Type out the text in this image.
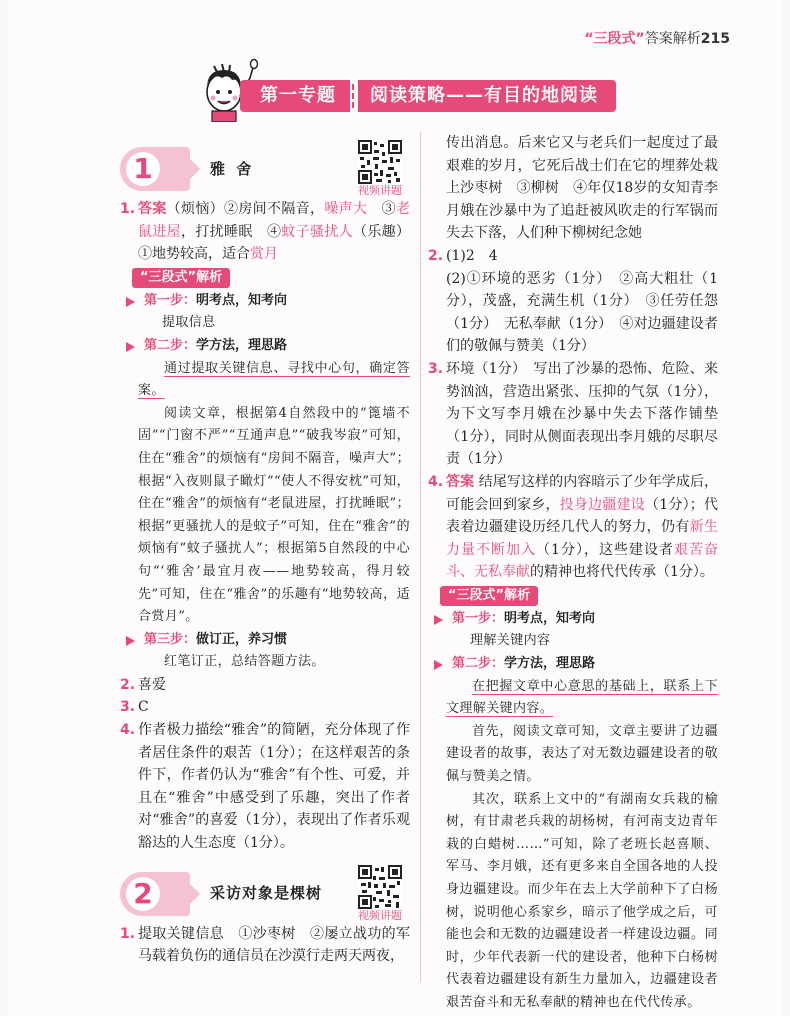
“三段式”答案解析215
第一专题	阅读策略——有目的地阅读
1	雅 舍
视频讲题
1. 答案（烦恼）②房间不隔音，噪声大　③老鼠进屋，打扰睡眠　④蚊子骚扰人（乐趣）①地势较高，适合赏月
“三段式”解析
第一步：明考点，知考向
提取信息
第二步：学方法，理思路
通过提取关键信息、寻找中心句，确定答案。
阅读文章，根据第4自然段中的“篦墙不固”“门窗不严”“互通声息”“破我岑寂”可知，住在“雅舍”的烦恼有“房间不隔音，噪声大”；根据“入夜则鼠子瞰灯”“使人不得安枕”可知，住在“雅舍”的烦恼有“老鼠进屋，打扰睡眠”；根据“更骚扰人的是蚊子”可知，住在“雅舍”的烦恼有“蚊子骚扰人”；根据第5自然段的中心句“‘雅舍’最宜月夜——地势较高，得月较先”可知，住在“雅舍”的乐趣有“地势较高，适合赏月”。
第三步：做订正，养习惯
红笔订正，总结答题方法。
2. 喜爱
3. C
4. 作者极力描绘“雅舍”的简陋，充分体现了作者居住条件的艰苦（1分）；在这样艰苦的条件下，作者仍认为“雅舍”有个性、可爱，并且在“雅舍”中感受到了乐趣，突出了作者对“雅舍”的喜爱（1分），表现出了作者乐观豁达的人生态度（1分）。
2	采访对象是棵树
视频讲题
1. 提取关键信息　①沙枣树　②屡立战功的军马载着负伤的通信员在沙漠行走两天两夜，
传出消息。后来它又与老兵们一起度过了最艰难的岁月，它死后战士们在它的埋葬处栽上沙枣树　③柳树　④年仅18岁的女知青李月娥在沙暴中为了追赶被风吹走的行军锅而失去下落，人们种下柳树纪念她
2. (1)2　4
(2)①环境的恶劣（1分）　②高大粗壮（1分），茂盛，充满生机（1分）　③任劳任怨（1分）　无私奉献（1分）　④对边疆建设者们的敬佩与赞美（1分）
3. 环境（1分）　写出了沙暴的恐怖、危险、来势汹汹，营造出紧张、压抑的气氛（1分），为下文写李月娥在沙暴中失去下落作铺垫（1分），同时从侧面表现出李月娥的尽职尽责（1分）
4. 答案 结尾写这样的内容暗示了少年学成后，可能会回到家乡，投身边疆建设（1分）；代表着边疆建设历经几代人的努力，仍有新生力量不断加入（1分），这些建设者艰苦奋斗、无私奉献的精神也将代代传承（1分）。
“三段式”解析
第一步：明考点，知考向
理解关键内容
第二步：学方法，理思路
在把握文章中心意思的基础上，联系上下文理解关键内容。
首先，阅读文章可知，文章主要讲了边疆建设者的故事，表达了对无数边疆建设者的敬佩与赞美之情。
其次，联系上文中的“有湖南女兵栽的榆树，有甘肃老兵栽的胡杨树，有河南支边青年栽的白蜡树……”可知，除了老班长赵喜顺、军马、李月娥，还有更多来自全国各地的人投身边疆建设。而少年在去上大学前种下了白杨树，说明他心系家乡，暗示了他学成之后，可能也会和无数的边疆建设者一样建设边疆。同时，少年代表新一代的建设者，他种下白杨树代表着边疆建设有新生力量加入，边疆建设者艰苦奋斗和无私奉献的精神也在代代传承。
